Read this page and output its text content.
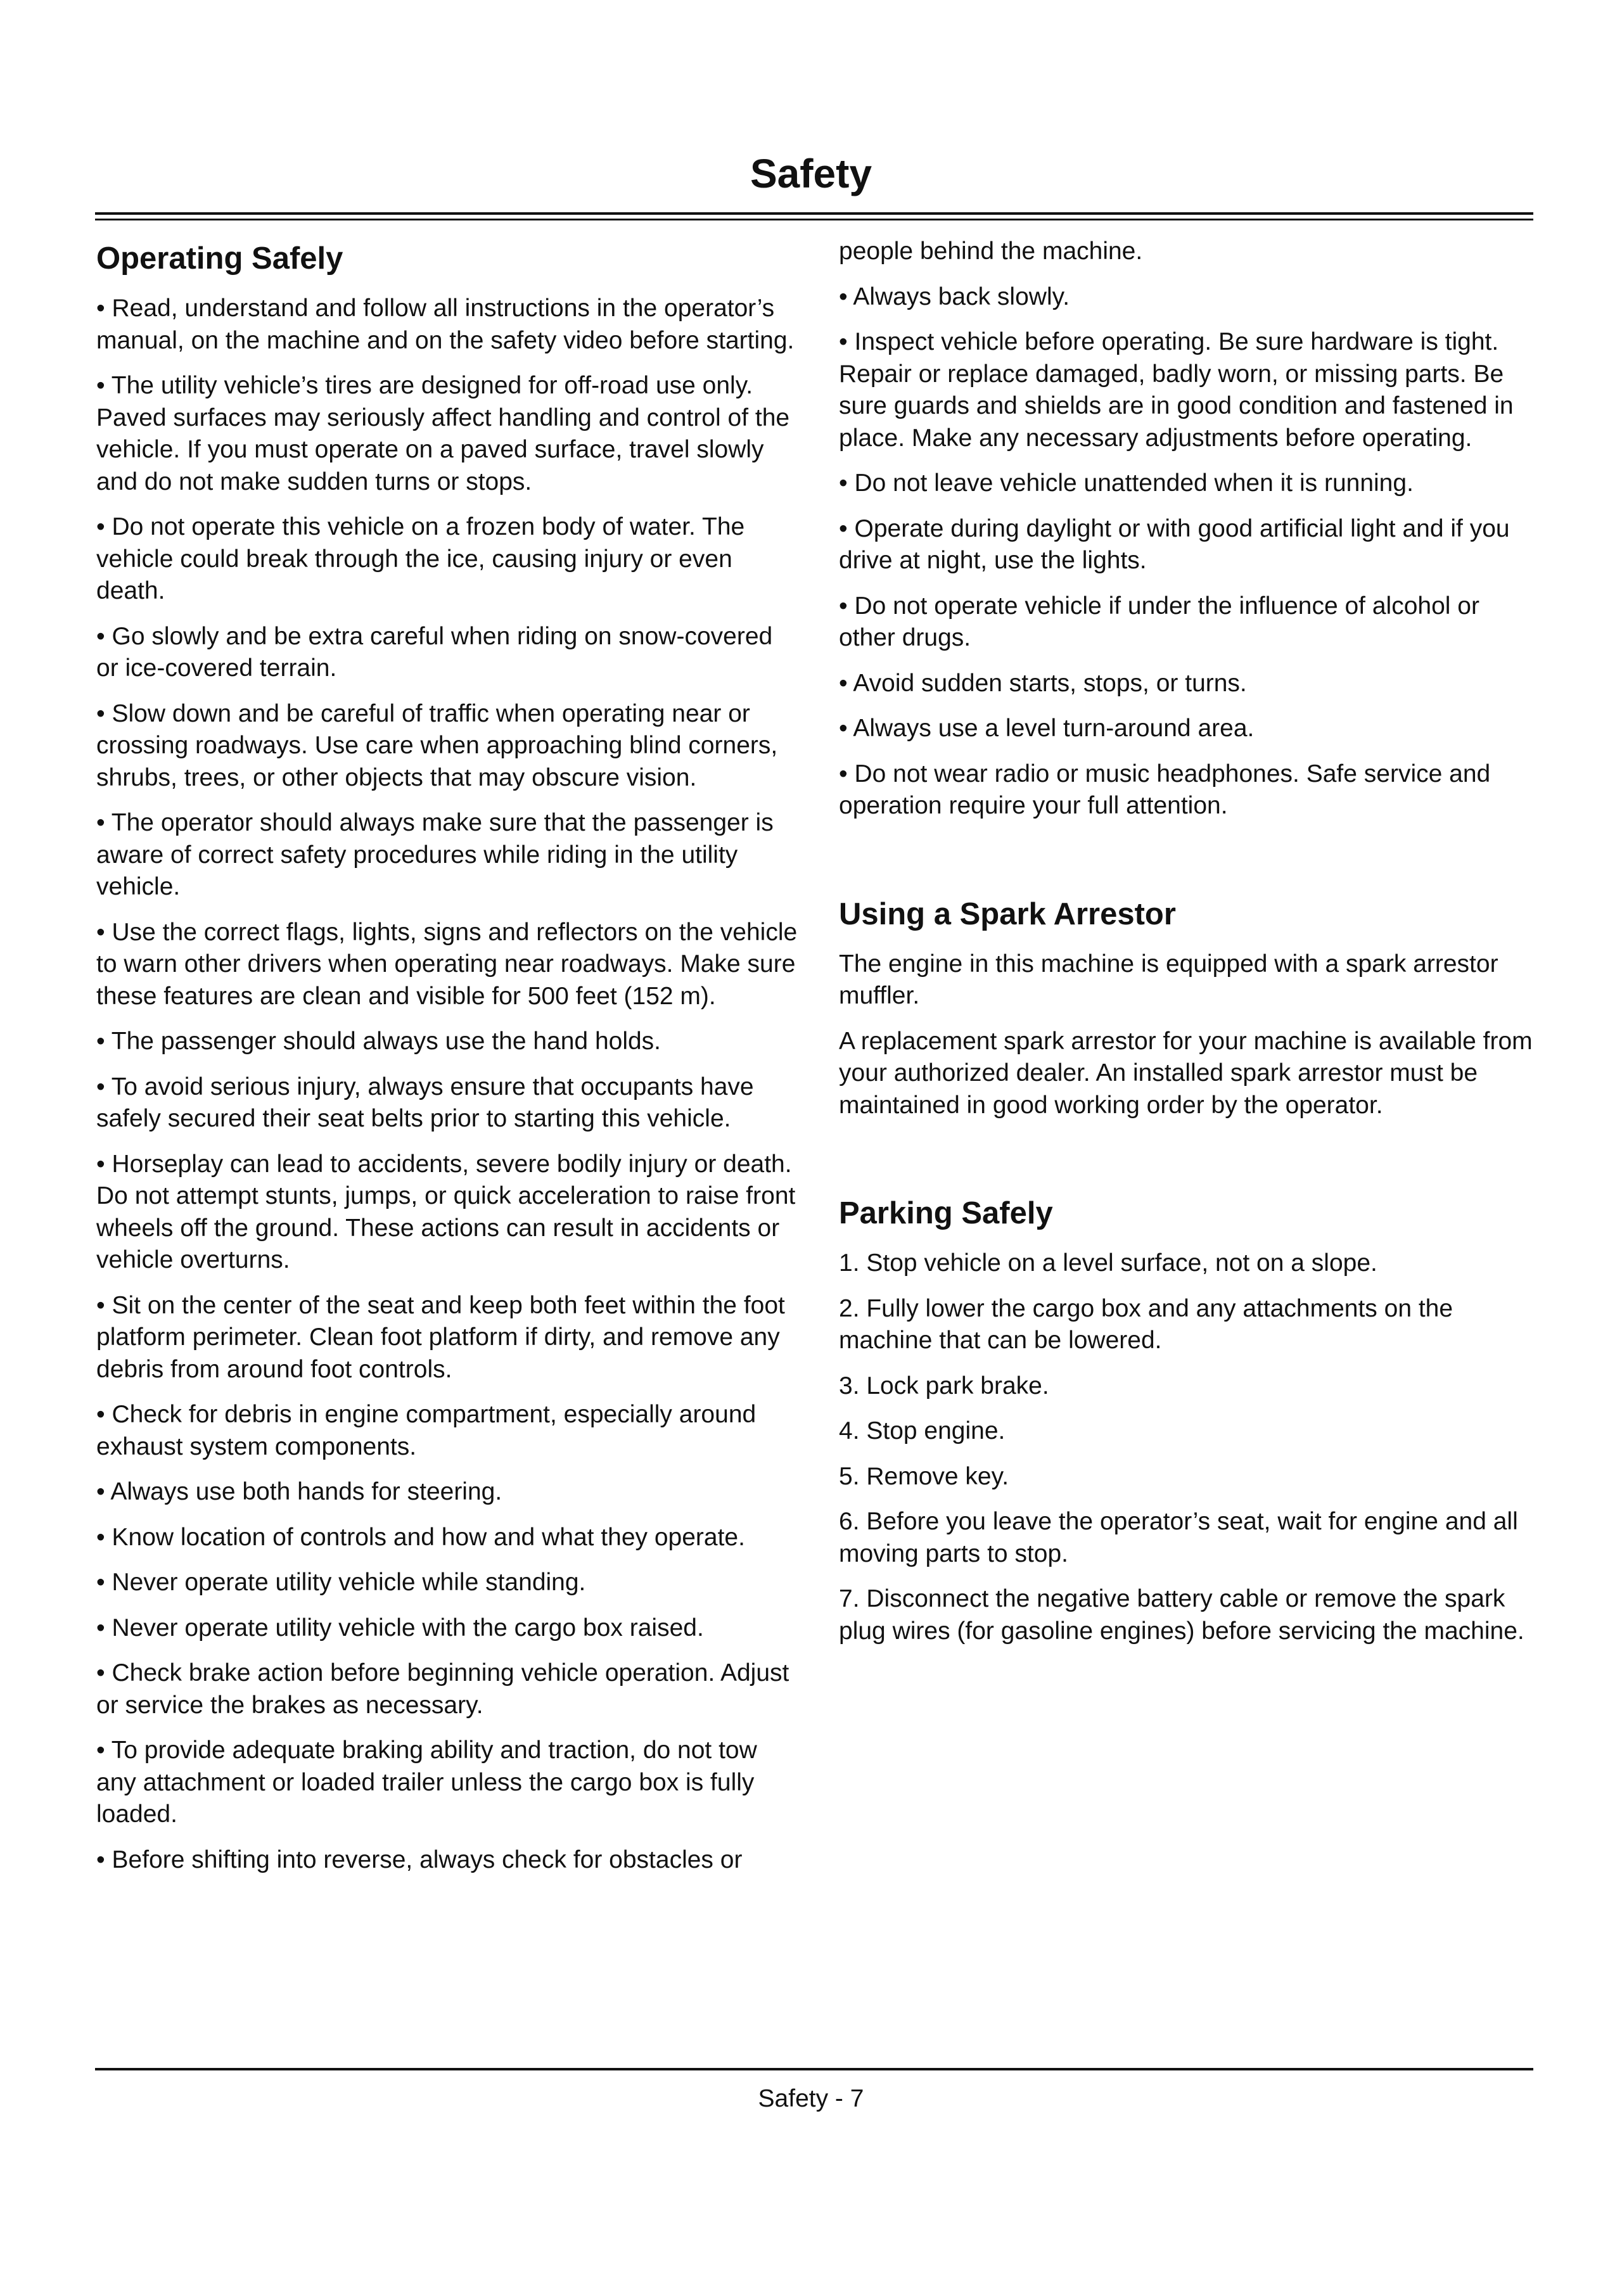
Safety
Operating Safely

• Read, understand and follow all instructions in the operator’s manual, on the machine and on the safety video before starting.

• The utility vehicle’s tires are designed for off-road use only. Paved surfaces may seriously affect handling and control of the vehicle. If you must operate on a paved surface, travel slowly and do not make sudden turns or stops.

• Do not operate this vehicle on a frozen body of water. The vehicle could break through the ice, causing injury or even death.

• Go slowly and be extra careful when riding on snow-covered or ice-covered terrain.

• Slow down and be careful of traffic when operating near or crossing roadways. Use care when approaching blind corners, shrubs, trees, or other objects that may obscure vision.

• The operator should always make sure that the passenger is aware of correct safety procedures while riding in the utility vehicle.

• Use the correct flags, lights, signs and reflectors on the vehicle to warn other drivers when operating near roadways. Make sure these features are clean and visible for 500 feet (152 m).

• The passenger should always use the hand holds.

• To avoid serious injury, always ensure that occupants have safely secured their seat belts prior to starting this vehicle.

• Horseplay can lead to accidents, severe bodily injury or death. Do not attempt stunts, jumps, or quick acceleration to raise front wheels off the ground. These actions can result in accidents or vehicle overturns.

• Sit on the center of the seat and keep both feet within the foot platform perimeter. Clean foot platform if dirty, and remove any debris from around foot controls.

• Check for debris in engine compartment, especially around exhaust system components.

• Always use both hands for steering.

• Know location of controls and how and what they operate.

• Never operate utility vehicle while standing.

• Never operate utility vehicle with the cargo box raised.

• Check brake action before beginning vehicle operation. Adjust or service the brakes as necessary.

• To provide adequate braking ability and traction, do not tow any attachment or loaded trailer unless the cargo box is fully loaded.

• Before shifting into reverse, always check for obstacles or

people behind the machine.

• Always back slowly.

• Inspect vehicle before operating. Be sure hardware is tight. Repair or replace damaged, badly worn, or missing parts. Be sure guards and shields are in good condition and fastened in place. Make any necessary adjustments before operating.

• Do not leave vehicle unattended when it is running.

• Operate during daylight or with good artificial light and if you drive at night, use the lights.

• Do not operate vehicle if under the influence of alcohol or other drugs.

• Avoid sudden starts, stops, or turns.

• Always use a level turn-around area.

• Do not wear radio or music headphones. Safe service and operation require your full attention.

Using a Spark Arrestor

The engine in this machine is equipped with a spark arrestor muffler.

A replacement spark arrestor for your machine is available from your authorized dealer. An installed spark arrestor must be maintained in good working order by the operator.

Parking Safely

1. Stop vehicle on a level surface, not on a slope.

2. Fully lower the cargo box and any attachments on the machine that can be lowered.

3. Lock park brake.

4. Stop engine.

5. Remove key.

6. Before you leave the operator’s seat, wait for engine and all moving parts to stop.

7. Disconnect the negative battery cable or remove the spark plug wires (for gasoline engines) before servicing the machine.

Safety - 7
